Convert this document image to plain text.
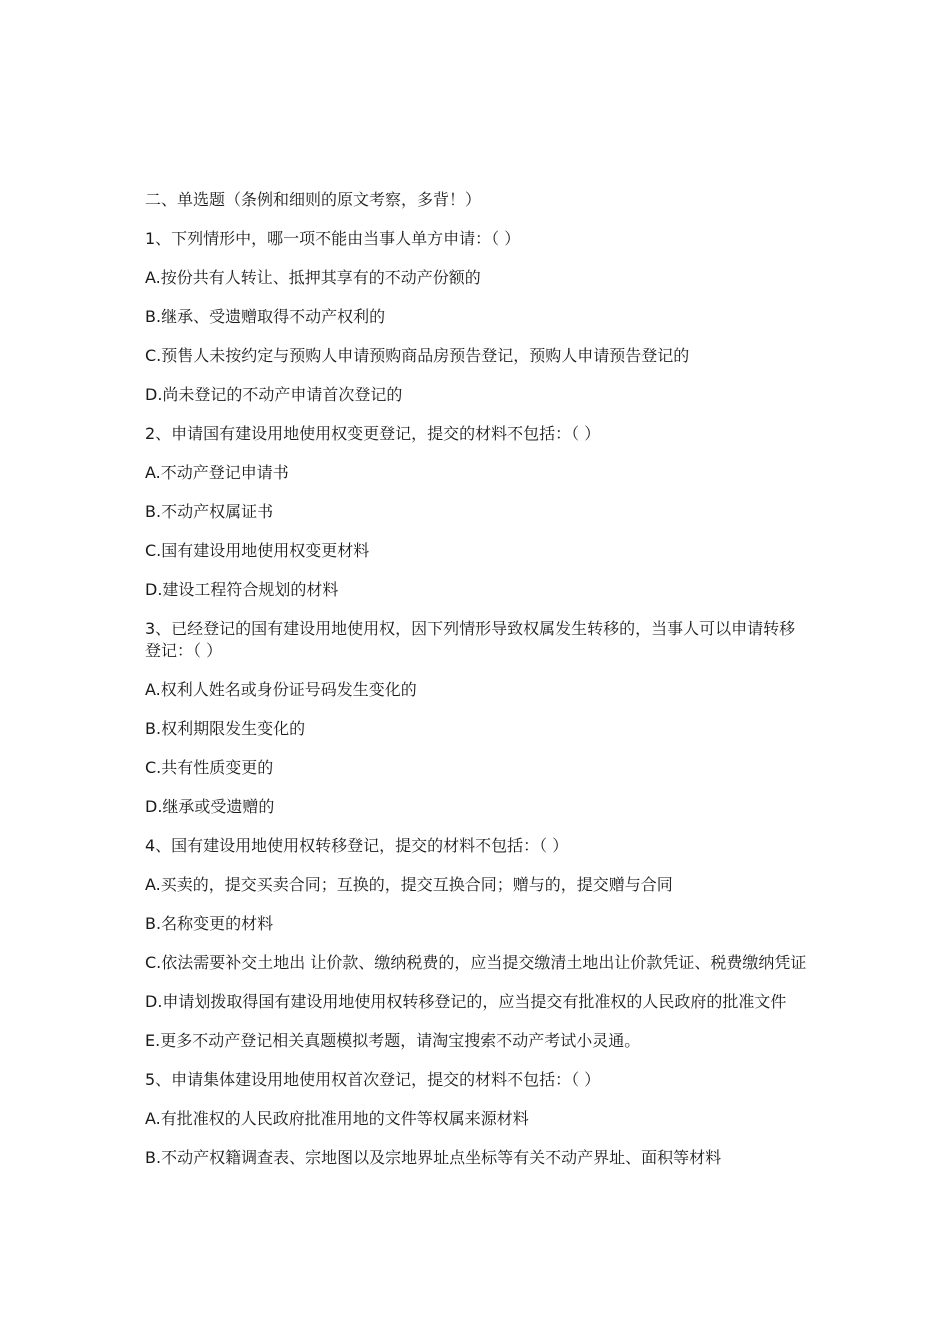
二、单选题（条例和细则的原文考察，多背！）
1、下列情形中，哪一项不能由当事人单方申请：（ ）
A.按份共有人转让、抵押其享有的不动产份额的
B.继承、受遗赠取得不动产权利的
C.预售人未按约定与预购人申请预购商品房预告登记，预购人申请预告登记的
D.尚未登记的不动产申请首次登记的
2、申请国有建设用地使用权变更登记，提交的材料不包括：（ ）
A.不动产登记申请书
B.不动产权属证书
C.国有建设用地使用权变更材料
D.建设工程符合规划的材料
3、已经登记的国有建设用地使用权，因下列情形导致权属发生转移的，当事人可以申请转移登记：（ ）
A.权利人姓名或身份证号码发生变化的
B.权利期限发生变化的
C.共有性质变更的
D.继承或受遗赠的
4、国有建设用地使用权转移登记，提交的材料不包括：（ ）
A.买卖的，提交买卖合同；互换的，提交互换合同；赠与的，提交赠与合同
B.名称变更的材料
C.依法需要补交土地出 让价款、缴纳税费的，应当提交缴清土地出让价款凭证、税费缴纳凭证
D.申请划拨取得国有建设用地使用权转移登记的，应当提交有批准权的人民政府的批准文件
E.更多不动产登记相关真题模拟考题，请淘宝搜索不动产考试小灵通。
5、申请集体建设用地使用权首次登记，提交的材料不包括：（ ）
A.有批准权的人民政府批准用地的文件等权属来源材料
B.不动产权籍调查表、宗地图以及宗地界址点坐标等有关不动产界址、面积等材料
